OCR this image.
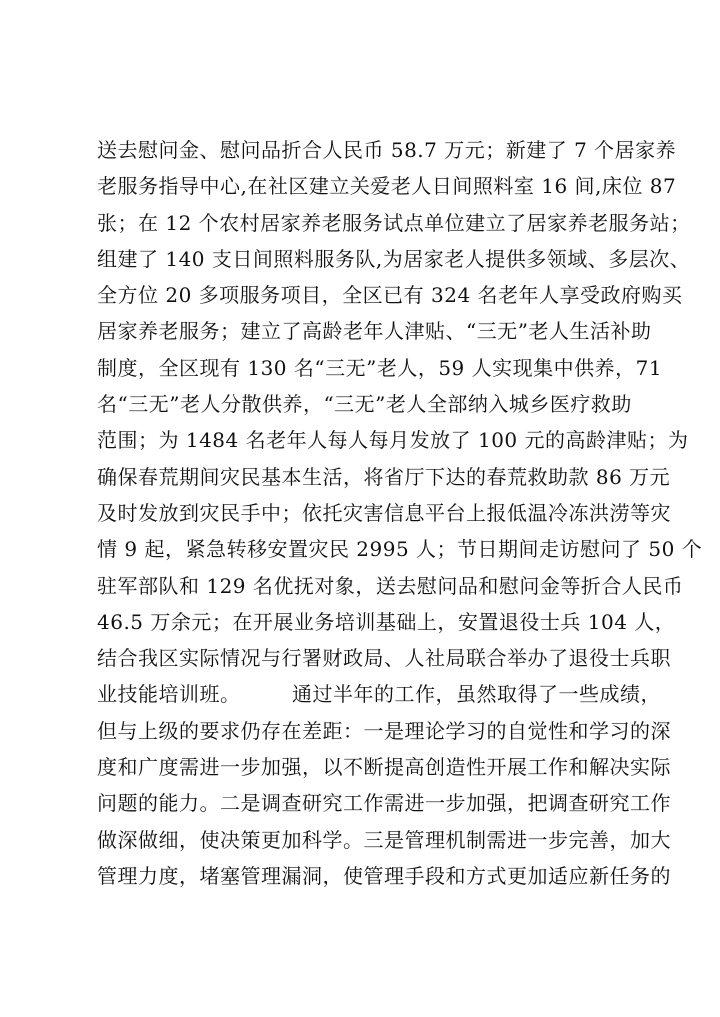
送去慰问金、慰问品折合人民币 58.7 万元；新建了 7 个居家养
老服务指导中心,在社区建立关爱老人日间照料室 16 间,床位 87
张；在 12 个农村居家养老服务试点单位建立了居家养老服务站；
组建了 140 支日间照料服务队,为居家老人提供多领域、多层次、
全方位 20 多项服务项目，全区已有 324 名老年人享受政府购买
居家养老服务；建立了高龄老年人津贴、“三无”老人生活补助
制度，全区现有 130 名“三无”老人，59 人实现集中供养，71
名“三无”老人分散供养，“三无”老人全部纳入城乡医疗救助
范围；为 1484 名老年人每人每月发放了 100 元的高龄津贴；为
确保春荒期间灾民基本生活，将省厅下达的春荒救助款 86 万元
及时发放到灾民手中；依托灾害信息平台上报低温冷冻洪涝等灾
情 9 起，紧急转移安置灾民 2995 人；节日期间走访慰问了 50 个
驻军部队和 129 名优抚对象，送去慰问品和慰问金等折合人民币
46.5 万余元；在开展业务培训基础上，安置退役士兵 104 人，
结合我区实际情况与行署财政局、人社局联合举办了退役士兵职
业技能培训班。　　　通过半年的工作，虽然取得了一些成绩，
但与上级的要求仍存在差距：一是理论学习的自觉性和学习的深
度和广度需进一步加强，以不断提高创造性开展工作和解决实际
问题的能力。二是调查研究工作需进一步加强，把调查研究工作
做深做细，使决策更加科学。三是管理机制需进一步完善，加大
管理力度，堵塞管理漏洞，使管理手段和方式更加适应新任务的
